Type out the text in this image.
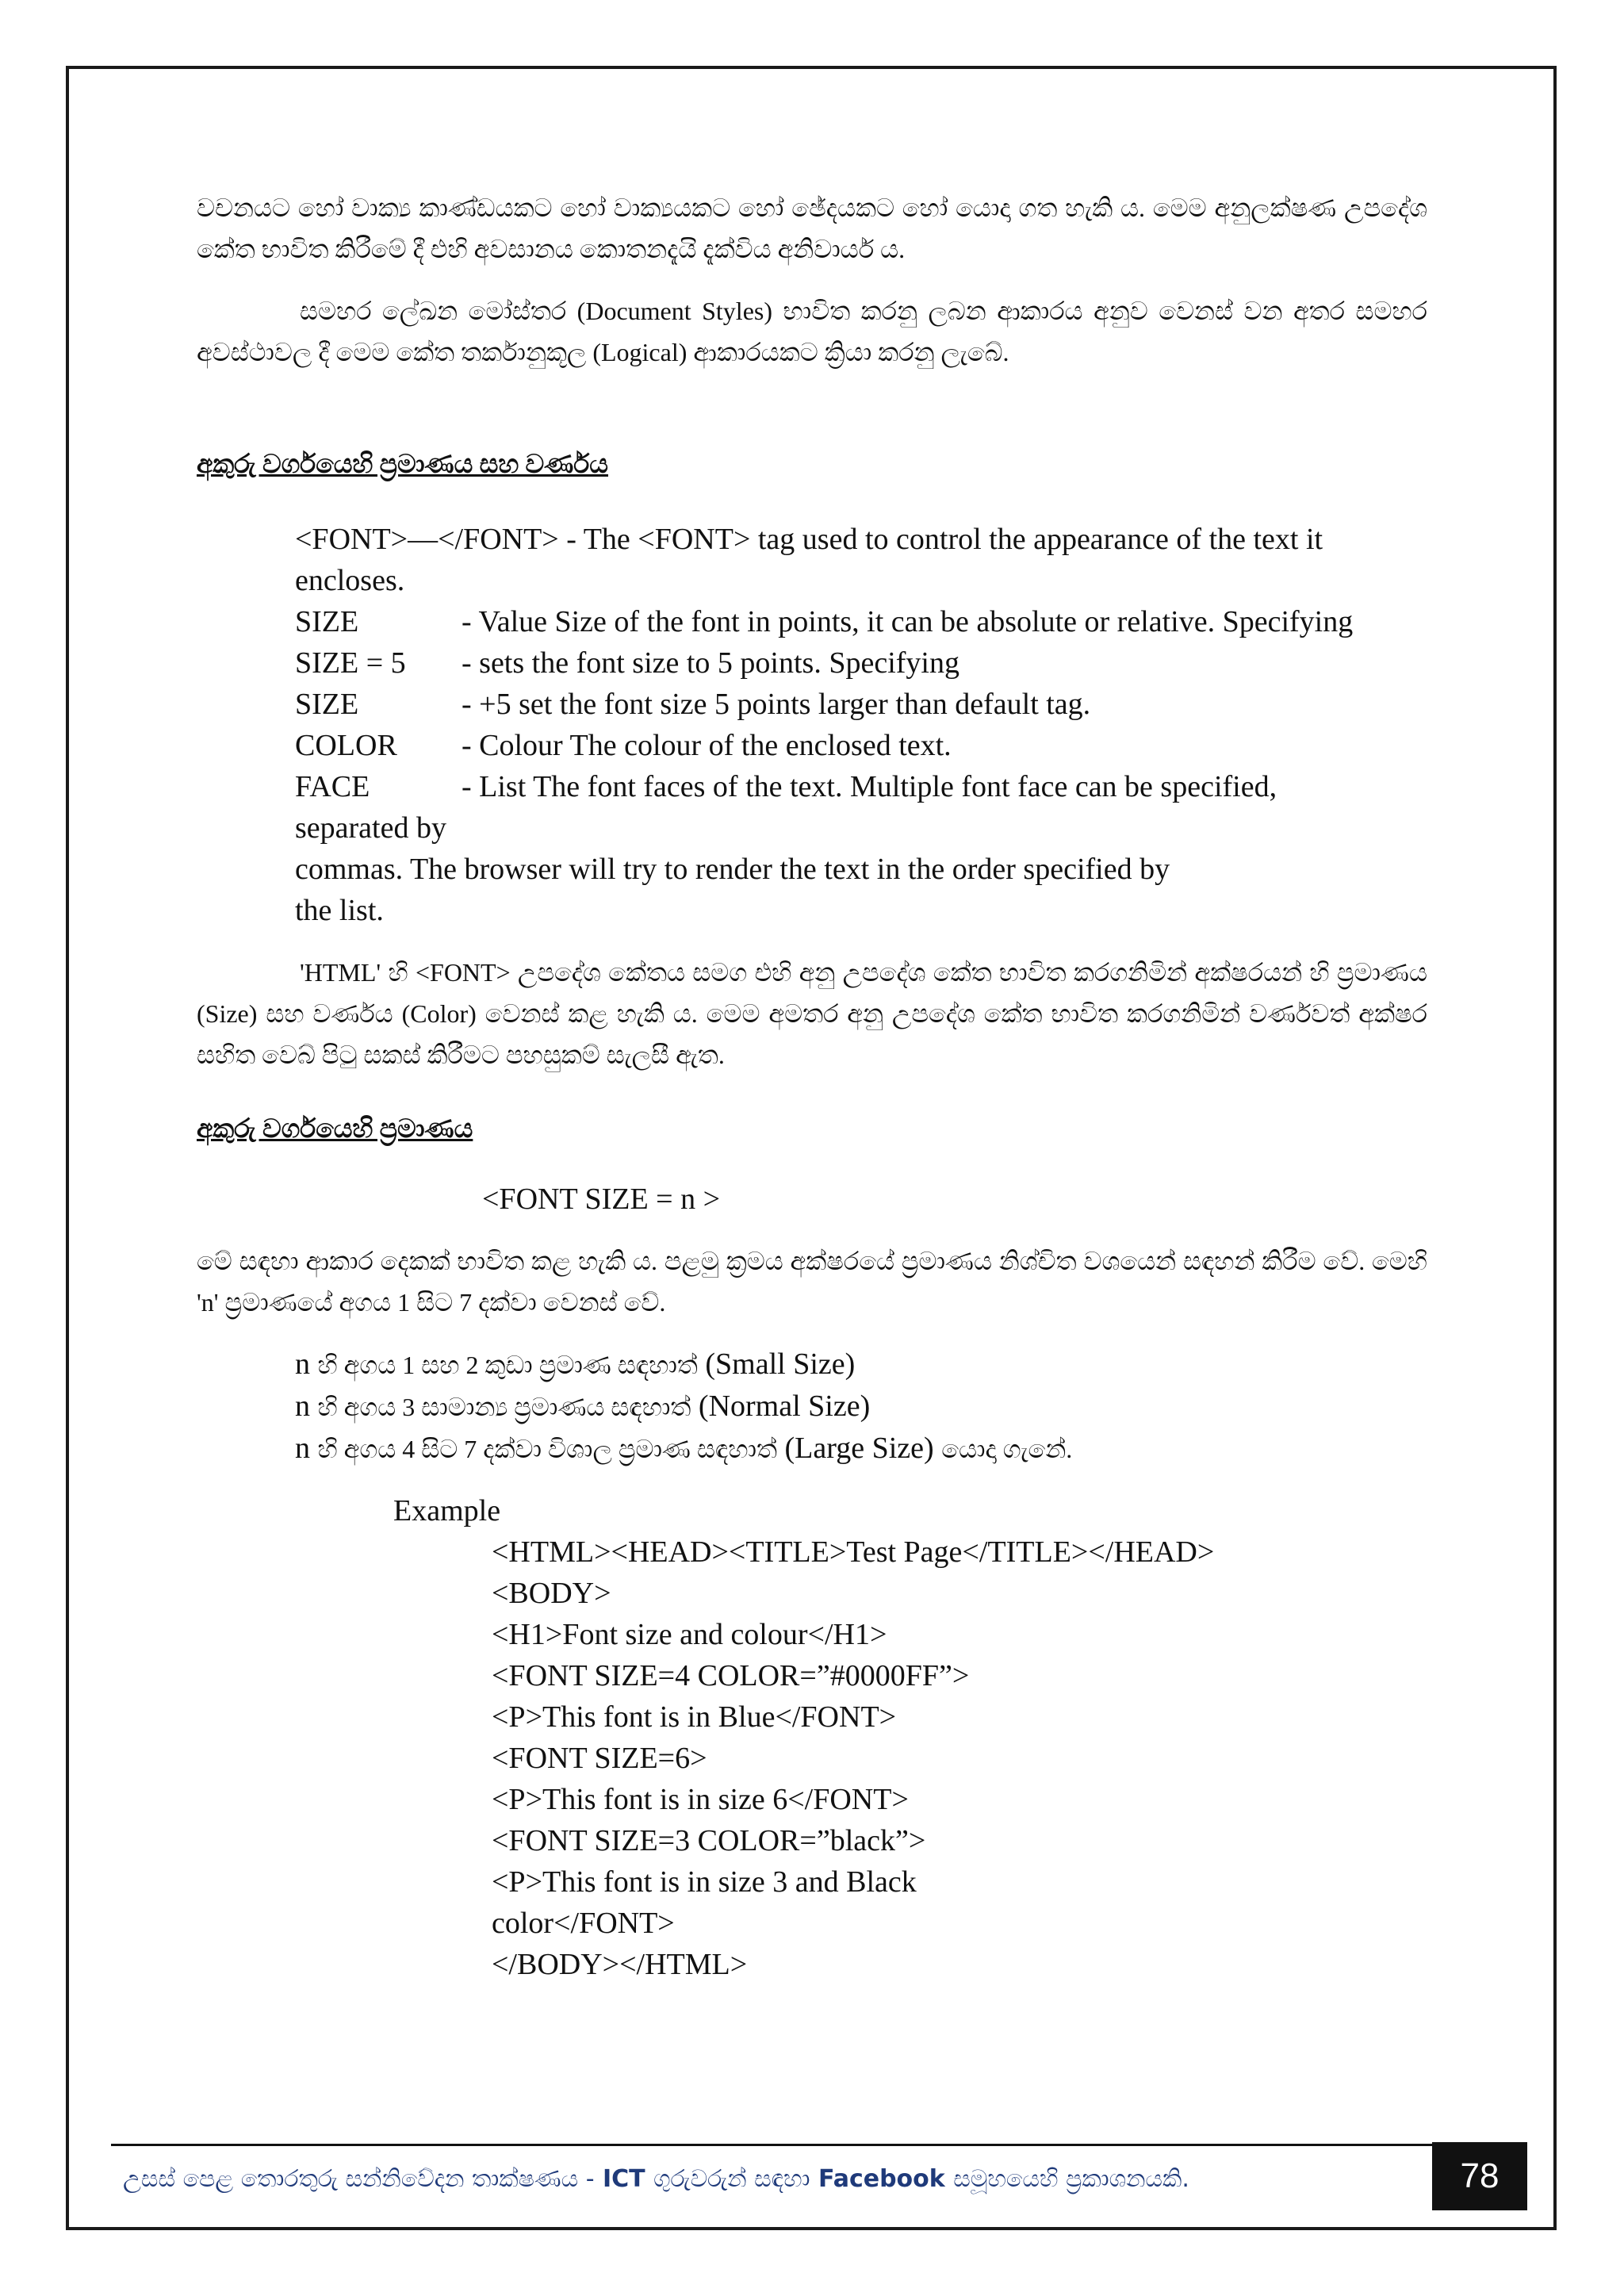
වචනයට හෝ වාක්‍ය කාණ්ඩයකට හෝ වාක්‍යයකට හෝ ඡේදයකට හෝ යොදා ගත හැකි ය. මෙම අනුලක්ෂණ උපදේශ කේත භාවිත කිරීමේ දී එහි අවසානය කොතනදැයි දැක්විය අනිවාර්ය ය.

සමහර ලේඛන මෝස්තර (Document Styles) භාවිත කරනු ලබන ආකාරය අනුව වෙනස් වන අතර සමහර අවස්ථාවල දී මෙම කේත තර්කානුකූල (Logical) ආකාරයකට ක්‍රියා කරනු ලැබේ.

අකුරු වර්ගයෙහි ප්‍රමාණය සහ වර්ණය

<FONT>—</FONT> - The <FONT> tag used to control the appearance of the text it

encloses.

SIZE	- Value Size of the font in points, it can be absolute or relative. Specifying
SIZE = 5	- sets the font size to 5 points. Specifying
SIZE	- +5 set the font size 5 points larger than default tag.
COLOR	- Colour The colour of the enclosed text.
FACE	- List The font faces of the text. Multiple font face can be specified,

separated by

commas. The browser will try to render the text in the order specified by

the list.

'HTML' හි <FONT> උපදේශ කේතය සමග එහි අනු උපදේශ කේත භාවිත කරගනිමින් අක්ෂරයන් හි ප්‍රමාණය (Size) සහ වර්ණය (Color) වෙනස් කළ හැකි ය. මෙම අමතර අනු උපදේශ කේත භාවිත කරගනිමින් වර්ණවත් අක්ෂර සහිත වෙබ් පිටු සකස් කිරීමට පහසුකම් සැලසී ඇත.

අකුරු වර්ගයෙහි ප්‍රමාණය

<FONT SIZE = n >

මේ සඳහා ආකාර දෙකක් භාවිත කළ හැකි ය. පළමු ක්‍රමය අක්ෂරයේ ප්‍රමාණය නිශ්චිත වශයෙන් සඳහන් කිරීම වේ. මෙහි 'n' ප්‍රමාණයේ අගය 1 සිට 7 දක්වා වෙනස් වේ.

n හි අගය 1 සහ 2 කුඩා ප්‍රමාණ සඳහාත් (Small Size)

n හි අගය 3 සාමාන්‍ය ප්‍රමාණය සඳහාත් (Normal Size)

n හි අගය 4 සිට 7 දක්වා විශාල ප්‍රමාණ සඳහාත් (Large Size) යොදා ගැනේ.

Example

<HTML><HEAD><TITLE>Test Page</TITLE></HEAD>

<BODY>

<H1>Font size and colour</H1>

<FONT SIZE=4 COLOR=”#0000FF”>

<P>This font is in Blue</FONT>

<FONT SIZE=6>

<P>This font is in size 6</FONT>

<FONT SIZE=3 COLOR=”black”>

<P>This font is in size 3 and Black

color</FONT>

</BODY></HTML>

උසස් පෙළ තොරතුරු සන්නිවේදන තාක්ෂණය - ICT ගුරුවරුන් සඳහා Facebook සමූහයෙහි ප්‍රකාශනයකි.	78
